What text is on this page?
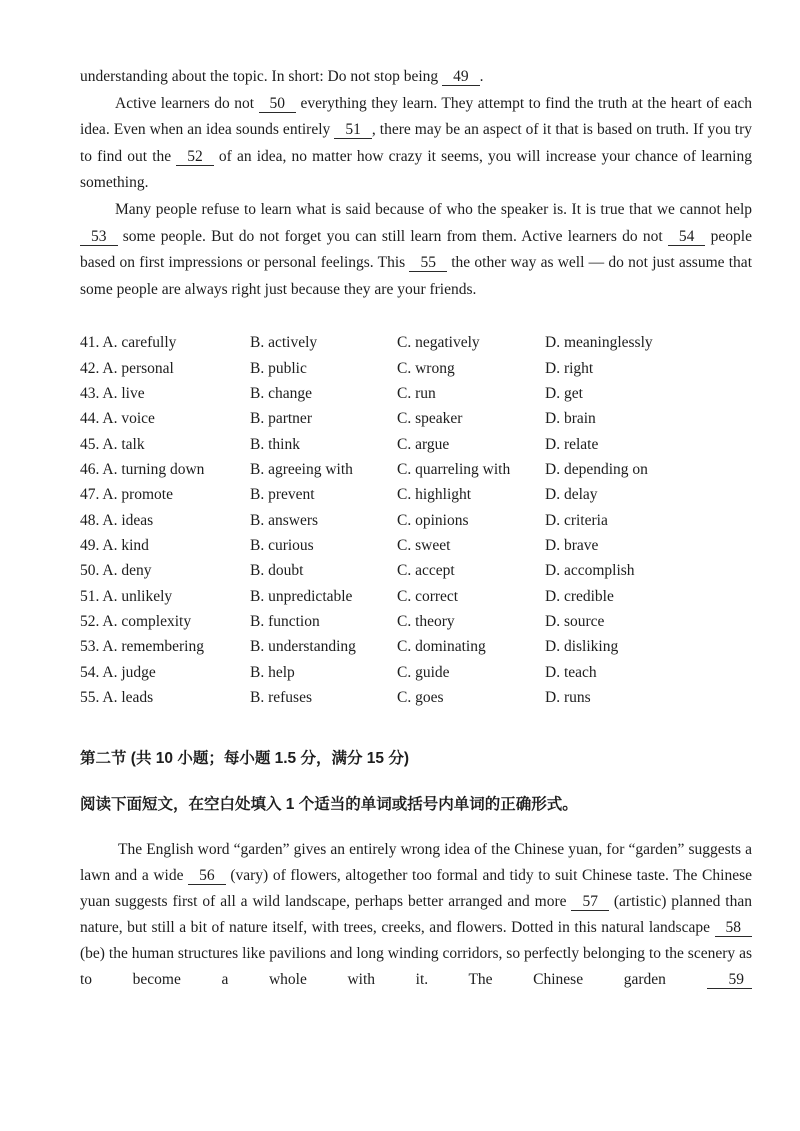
understanding about the topic. In short: Do not stop being 49 .

Active learners do not 50 everything they learn. They attempt to find the truth at the heart of each idea. Even when an idea sounds entirely 51 , there may be an aspect of it that is based on truth. If you try to find out the 52 of an idea, no matter how crazy it seems, you will increase your chance of learning something.

Many people refuse to learn what is said because of who the speaker is. It is true that we cannot help 53 some people. But do not forget you can still learn from them. Active learners do not 54 people based on first impressions or personal feelings. This 55 the other way as well — do not just assume that some people are always right just because they are your friends.

41. A. carefully	B. actively	C. negatively	D. meaninglessly
42. A. personal	B. public	C. wrong	D. right
43. A. live	B. change	C. run	D. get
44. A. voice	B. partner	C. speaker	D. brain
45. A. talk	B. think	C. argue	D. relate
46. A. turning down	B. agreeing with	C. quarreling with	D. depending on
47. A. promote	B. prevent	C. highlight	D. delay
48. A. ideas	B. answers	C. opinions	D. criteria
49. A. kind	B. curious	C. sweet	D. brave
50. A. deny	B. doubt	C. accept	D. accomplish
51. A. unlikely	B. unpredictable	C. correct	D. credible
52. A. complexity	B. function	C. theory	D. source
53. A. remembering	B. understanding	C. dominating	D. disliking
54. A. judge	B. help	C. guide	D. teach
55. A. leads	B. refuses	C. goes	D. runs

第二节 (共 10 小题；每小题 1.5 分，满分 15 分)

阅读下面短文，在空白处填入 1 个适当的单词或括号内单词的正确形式。

The English word “garden” gives an entirely wrong idea of the Chinese yuan, for “garden” suggests a lawn and a wide 56 (vary) of flowers, altogether too formal and tidy to suit Chinese taste. The Chinese yuan suggests first of all a wild landscape, perhaps better arranged and more 57 (artistic) planned than nature, but still a bit of nature itself, with trees, creeks, and flowers. Dotted in this natural landscape 58 (be) the human structures like pavilions and long winding corridors, so perfectly belonging to the scenery as to become a whole with it. The Chinese garden 59
